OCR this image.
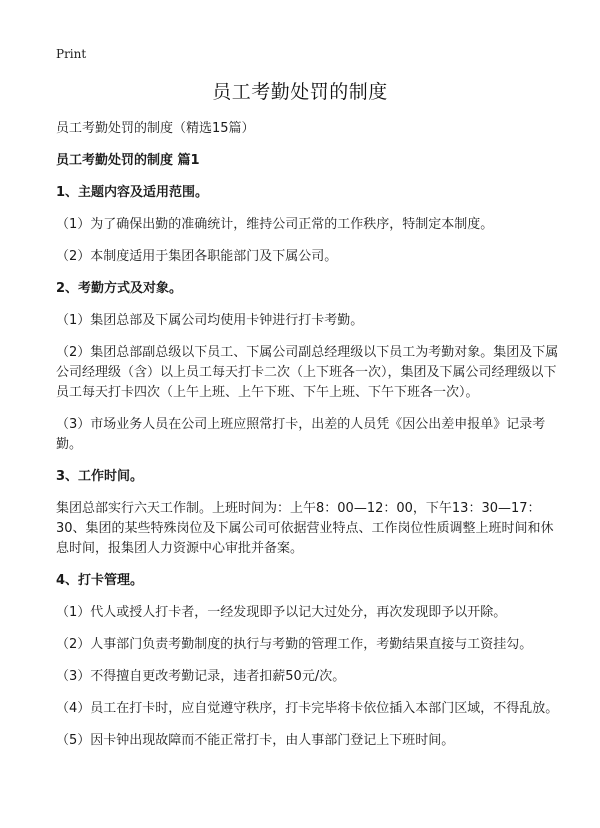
Print
员工考勤处罚的制度

员工考勤处罚的制度（精选15篇）

员工考勤处罚的制度 篇1

1、主题内容及适用范围。

（1）为了确保出勤的准确统计，维持公司正常的工作秩序，特制定本制度。

（2）本制度适用于集团各职能部门及下属公司。

2、考勤方式及对象。

（1）集团总部及下属公司均使用卡钟进行打卡考勤。

（2）集团总部副总级以下员工、下属公司副总经理级以下员工为考勤对象。集团及下属公司经理级（含）以上员工每天打卡二次（上下班各一次），集团及下属公司经理级以下员工每天打卡四次（上午上班、上午下班、下午上班、下午下班各一次）。

（3）市场业务人员在公司上班应照常打卡，出差的人员凭《因公出差申报单》记录考勤。

3、工作时间。

集团总部实行六天工作制。上班时间为：上午8：00—12：00，下午13：30—17：30、集团的某些特殊岗位及下属公司可依据营业特点、工作岗位性质调整上班时间和休息时间，报集团人力资源中心审批并备案。

4、打卡管理。

（1）代人或授人打卡者，一经发现即予以记大过处分，再次发现即予以开除。

（2）人事部门负责考勤制度的执行与考勤的管理工作，考勤结果直接与工资挂勾。

（3）不得擅自更改考勤记录，违者扣薪50元/次。

（4）员工在打卡时，应自觉遵守秩序，打卡完毕将卡依位插入本部门区域，不得乱放。

（5）因卡钟出现故障而不能正常打卡，由人事部门登记上下班时间。
